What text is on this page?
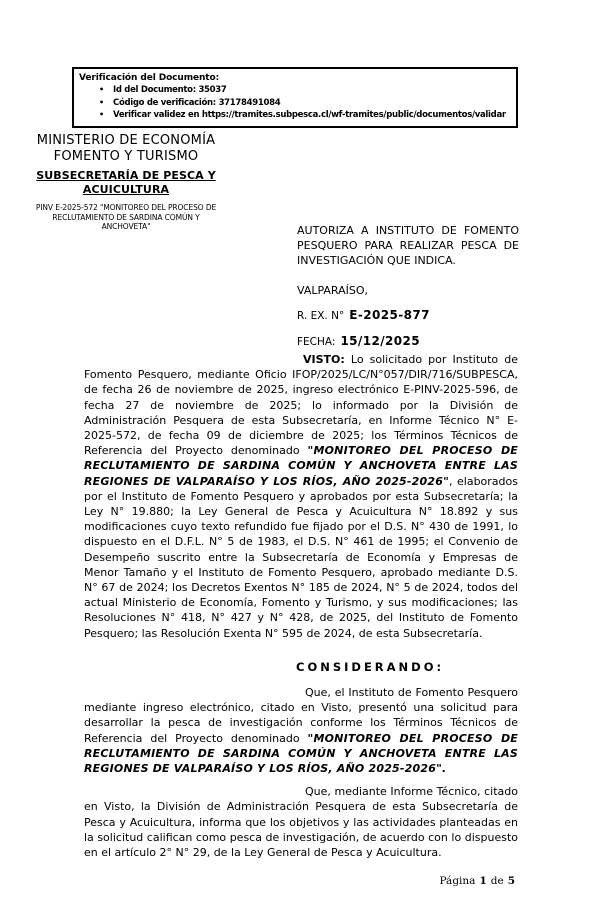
Verificación del Documento:
•	Id del Documento: 35037
•	Código de verificación: 37178491084
•	Verificar validez en https://tramites.subpesca.cl/wf-tramites/public/documentos/validar
MINISTERIO DE ECONOMÍA
FOMENTO Y TURISMO
SUBSECRETARÍA DE PESCA Y ACUICULTURA
PINV E-2025-572 "MONITOREO DEL PROCESO DE RECLUTAMIENTO DE SARDINA COMÚN Y ANCHOVETA"	AUTORIZA A INSTITUTO DE FOMENTO PESQUERO PARA REALIZAR PESCA DE INVESTIGACIÓN QUE INDICA.
VALPARAÍSO,
R. EX. N° E-2025-877
FECHA: 15/12/2025

VISTO: Lo solicitado por Instituto de Fomento Pesquero, mediante Oficio IFOP/2025/LC/N°057/DIR/716/SUBPESCA, de fecha 26 de noviembre de 2025, ingreso electrónico E-PINV-2025-596, de fecha 27 de noviembre de 2025; lo informado por la División de Administración Pesquera de esta Subsecretaría, en Informe Técnico N° E-2025-572, de fecha 09 de diciembre de 2025; los Términos Técnicos de Referencia del Proyecto denominado "MONITOREO DEL PROCESO DE RECLUTAMIENTO DE SARDINA COMÚN Y ANCHOVETA ENTRE LAS REGIONES DE VALPARAÍSO Y LOS RÍOS, AÑO 2025-2026", elaborados por el Instituto de Fomento Pesquero y aprobados por esta Subsecretaría; la Ley N° 19.880; la Ley General de Pesca y Acuicultura N° 18.892 y sus modificaciones cuyo texto refundido fue fijado por el D.S. N° 430 de 1991, lo dispuesto en el D.F.L. N° 5 de 1983, el D.S. N° 461 de 1995; el Convenio de Desempeño suscrito entre la Subsecretaría de Economía y Empresas de Menor Tamaño y el Instituto de Fomento Pesquero, aprobado mediante D.S. N° 67 de 2024; los Decretos Exentos N° 185 de 2024, N° 5 de 2024, todos del actual Ministerio de Economía, Fomento y Turismo, y sus modificaciones; las Resoluciones N° 418, N° 427 y N° 428, de 2025, del Instituto de Fomento Pesquero; las Resolución Exenta N° 595 de 2024, de esta Subsecretaría.

CONSIDERANDO:

Que, el Instituto de Fomento Pesquero mediante ingreso electrónico, citado en Visto, presentó una solicitud para desarrollar la pesca de investigación conforme los Términos Técnicos de Referencia del Proyecto denominado "MONITOREO DEL PROCESO DE RECLUTAMIENTO DE SARDINA COMÚN Y ANCHOVETA ENTRE LAS REGIONES DE VALPARAÍSO Y LOS RÍOS, AÑO 2025-2026".

Que, mediante Informe Técnico, citado en Visto, la División de Administración Pesquera de esta Subsecretaría de Pesca y Acuicultura, informa que los objetivos y las actividades planteadas en la solicitud califican como pesca de investigación, de acuerdo con lo dispuesto en el artículo 2° N° 29, de la Ley General de Pesca y Acuicultura.

Página 1 de 5
